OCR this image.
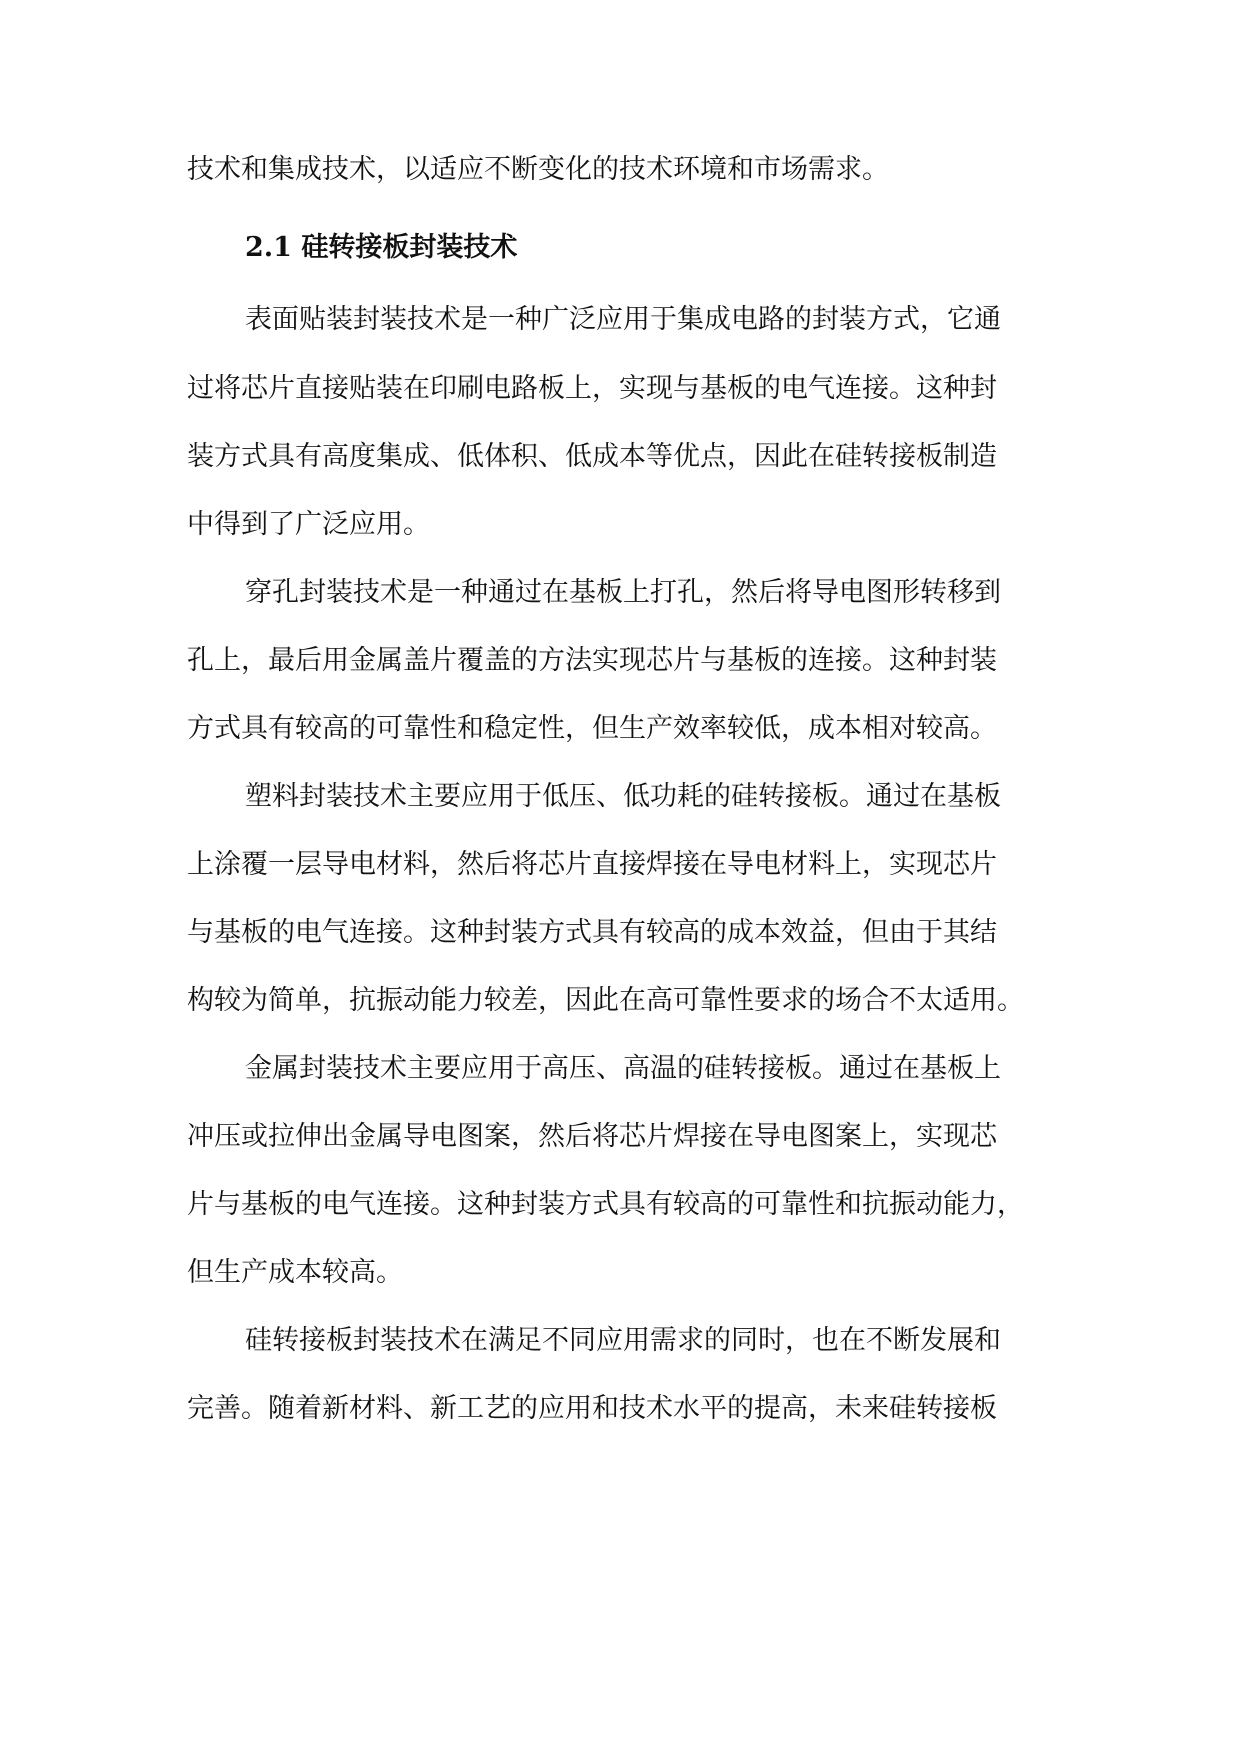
技术和集成技术，以适应不断变化的技术环境和市场需求。

2.1 硅转接板封装技术

表面贴装封装技术是一种广泛应用于集成电路的封装方式，它通

过将芯片直接贴装在印刷电路板上，实现与基板的电气连接。这种封

装方式具有高度集成、低体积、低成本等优点，因此在硅转接板制造

中得到了广泛应用。

穿孔封装技术是一种通过在基板上打孔，然后将导电图形转移到

孔上，最后用金属盖片覆盖的方法实现芯片与基板的连接。这种封装

方式具有较高的可靠性和稳定性，但生产效率较低，成本相对较高。

塑料封装技术主要应用于低压、低功耗的硅转接板。通过在基板

上涂覆一层导电材料，然后将芯片直接焊接在导电材料上，实现芯片

与基板的电气连接。这种封装方式具有较高的成本效益，但由于其结

构较为简单，抗振动能力较差，因此在高可靠性要求的场合不太适用。

金属封装技术主要应用于高压、高温的硅转接板。通过在基板上

冲压或拉伸出金属导电图案，然后将芯片焊接在导电图案上，实现芯

片与基板的电气连接。这种封装方式具有较高的可靠性和抗振动能力，

但生产成本较高。

硅转接板封装技术在满足不同应用需求的同时，也在不断发展和

完善。随着新材料、新工艺的应用和技术水平的提高，未来硅转接板
